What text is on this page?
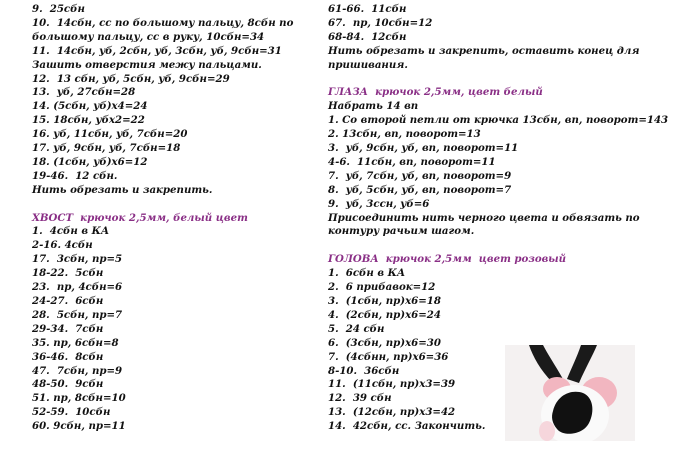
9.  25сбн
10.  14сбн, сс по большому пальцу, 8сбн по большому пальцу, сс в руку, 10сбн=34
11.  14сбн, уб, 2сбн, уб, 3сбн, уб, 9сбн=31
Зашить отверстия межу пальцами.
12.  13 сбн, уб, 5сбн, уб, 9сбн=29
13.  уб, 27сбн=28
14. (5сбн, уб)х4=24
15. 18сбн, убх2=22
16. уб, 11сбн, уб, 7сбн=20
17. уб, 9сбн, уб, 7сбн=18
18. (1сбн, уб)х6=12
19-46.  12 сбн.
Нить обрезать и закрепить.
ХВОСТ  крючок 2,5мм, белый цвет
1.  4сбн в КА
2-16. 4сбн
17.  3сбн, пр=5
18-22.  5сбн
23.  пр, 4сбн=6
24-27.  6сбн
28.  5сбн, пр=7
29-34.  7сбн
35. пр, 6сбн=8
36-46.  8сбн
47.  7сбн, пр=9
48-50.  9сбн
51. пр, 8сбн=10
52-59.  10сбн
60. 9сбн, пр=11
61-66.  11сбн
67.  пр, 10сбн=12
68-84.  12сбн
Нить обрезать и закрепить, оставить конец для пришивания.
ГЛАЗА  крючок 2,5мм, цвет белый
Набрать 14 вп
1. Со второй петли от крючка 13сбн, вп, поворот=143
2. 13сбн, вп, поворот=13
3.  уб, 9сбн, уб, вп, поворот=11
4-6.  11сбн, вп, поворот=11
7.  уб, 7сбн, уб, вп, поворот=9
8.  уб, 5сбн, уб, вп, поворот=7
9.  уб, 3ссн, уб=6
Присоединить нить черного цвета и обвязать по контуру рачьим шагом.
ГОЛОВА  крючок 2,5мм  цвет розовый
1.  6сбн в КА
2.  6 прибавок=12
3.  (1сбн, пр)х6=18
4.  (2сбн, пр)х6=24
5.  24 сбн
6.  (3сбн, пр)х6=30
7.  (4сбнн, пр)х6=36
8-10.  36сбн
11.  (11сбн, пр)х3=39
12.  39 сбн
13.  (12сбн, пр)х3=42
14.  42сбн, сс. Закончить.
